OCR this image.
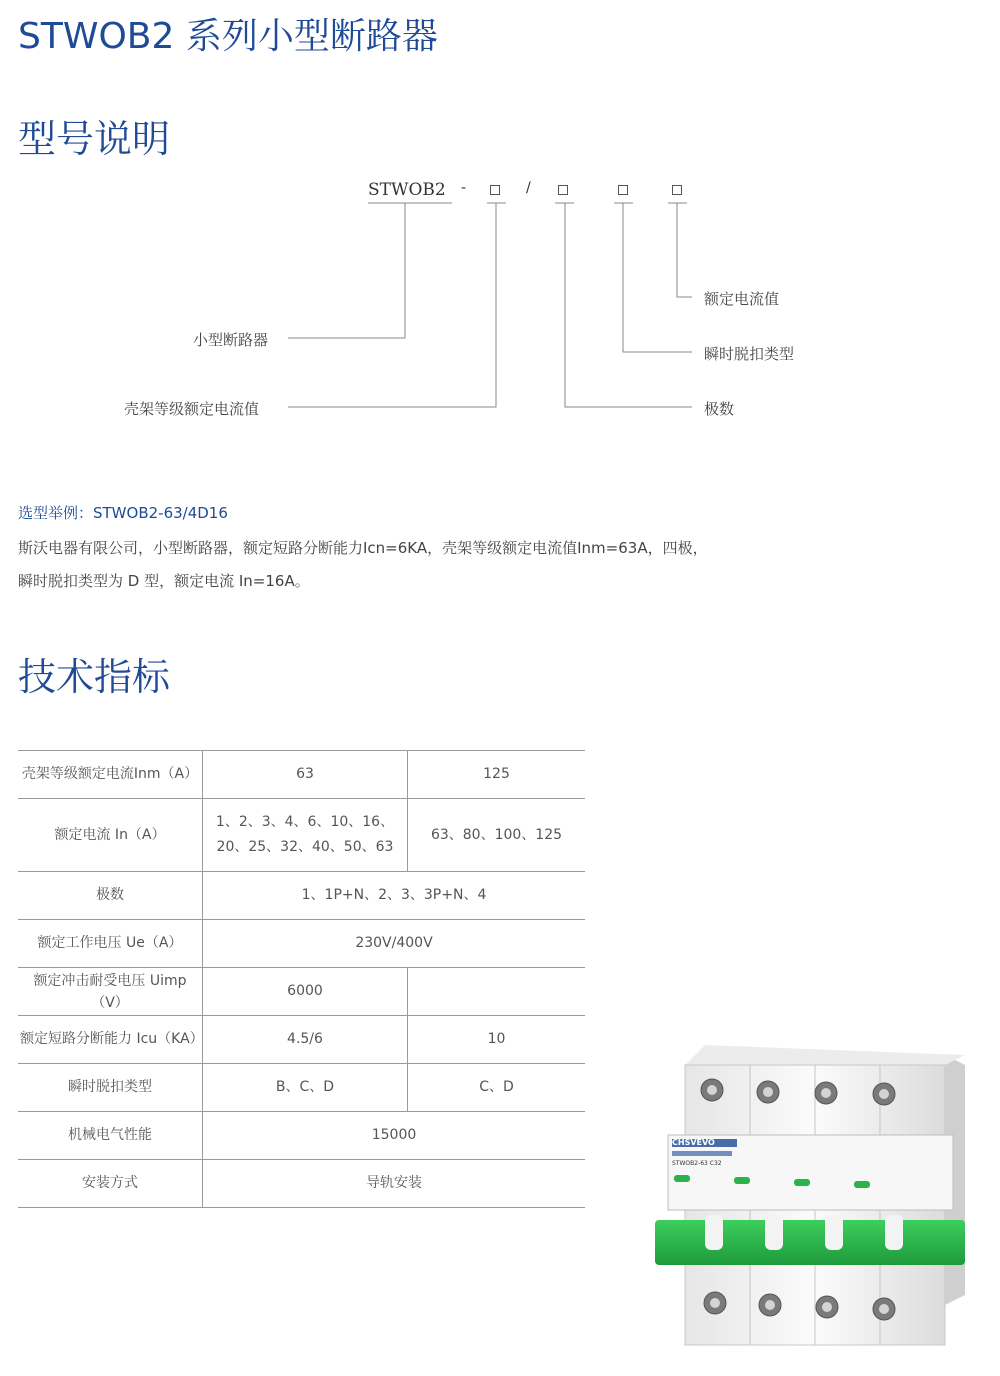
STWOB2 系列小型断路器
型号说明
STWOB2 -	/
小型断路器
壳架等级额定电流值
额定电流值
瞬时脱扣类型
极数
选型举例：STWOB2-63/4D16
斯沃电器有限公司，小型断路器，额定短路分断能力Icn=6KA，壳架等级额定电流值Inm=63A，四极，
瞬时脱扣类型为 D 型，额定电流 In=16A。
技术指标
壳架等级额定电流Inm（A）	63	125
额定电流 In（A）	1、2、3、4、6、10、16、20、25、32、40、50、63	63、80、100、125
极数	1、1P+N、2、3、3P+N、4	
额定工作电压 Ue（A）	230V/400V	
额定冲击耐受电压 Uimp（V）	6000	
额定短路分断能力 Icu（KA）	4.5/6	10
瞬时脱扣类型	B、C、D	C、D
机械电气性能	15000	
安装方式	导轨安装	
CHSVEVO
STWOB2-63 C32
